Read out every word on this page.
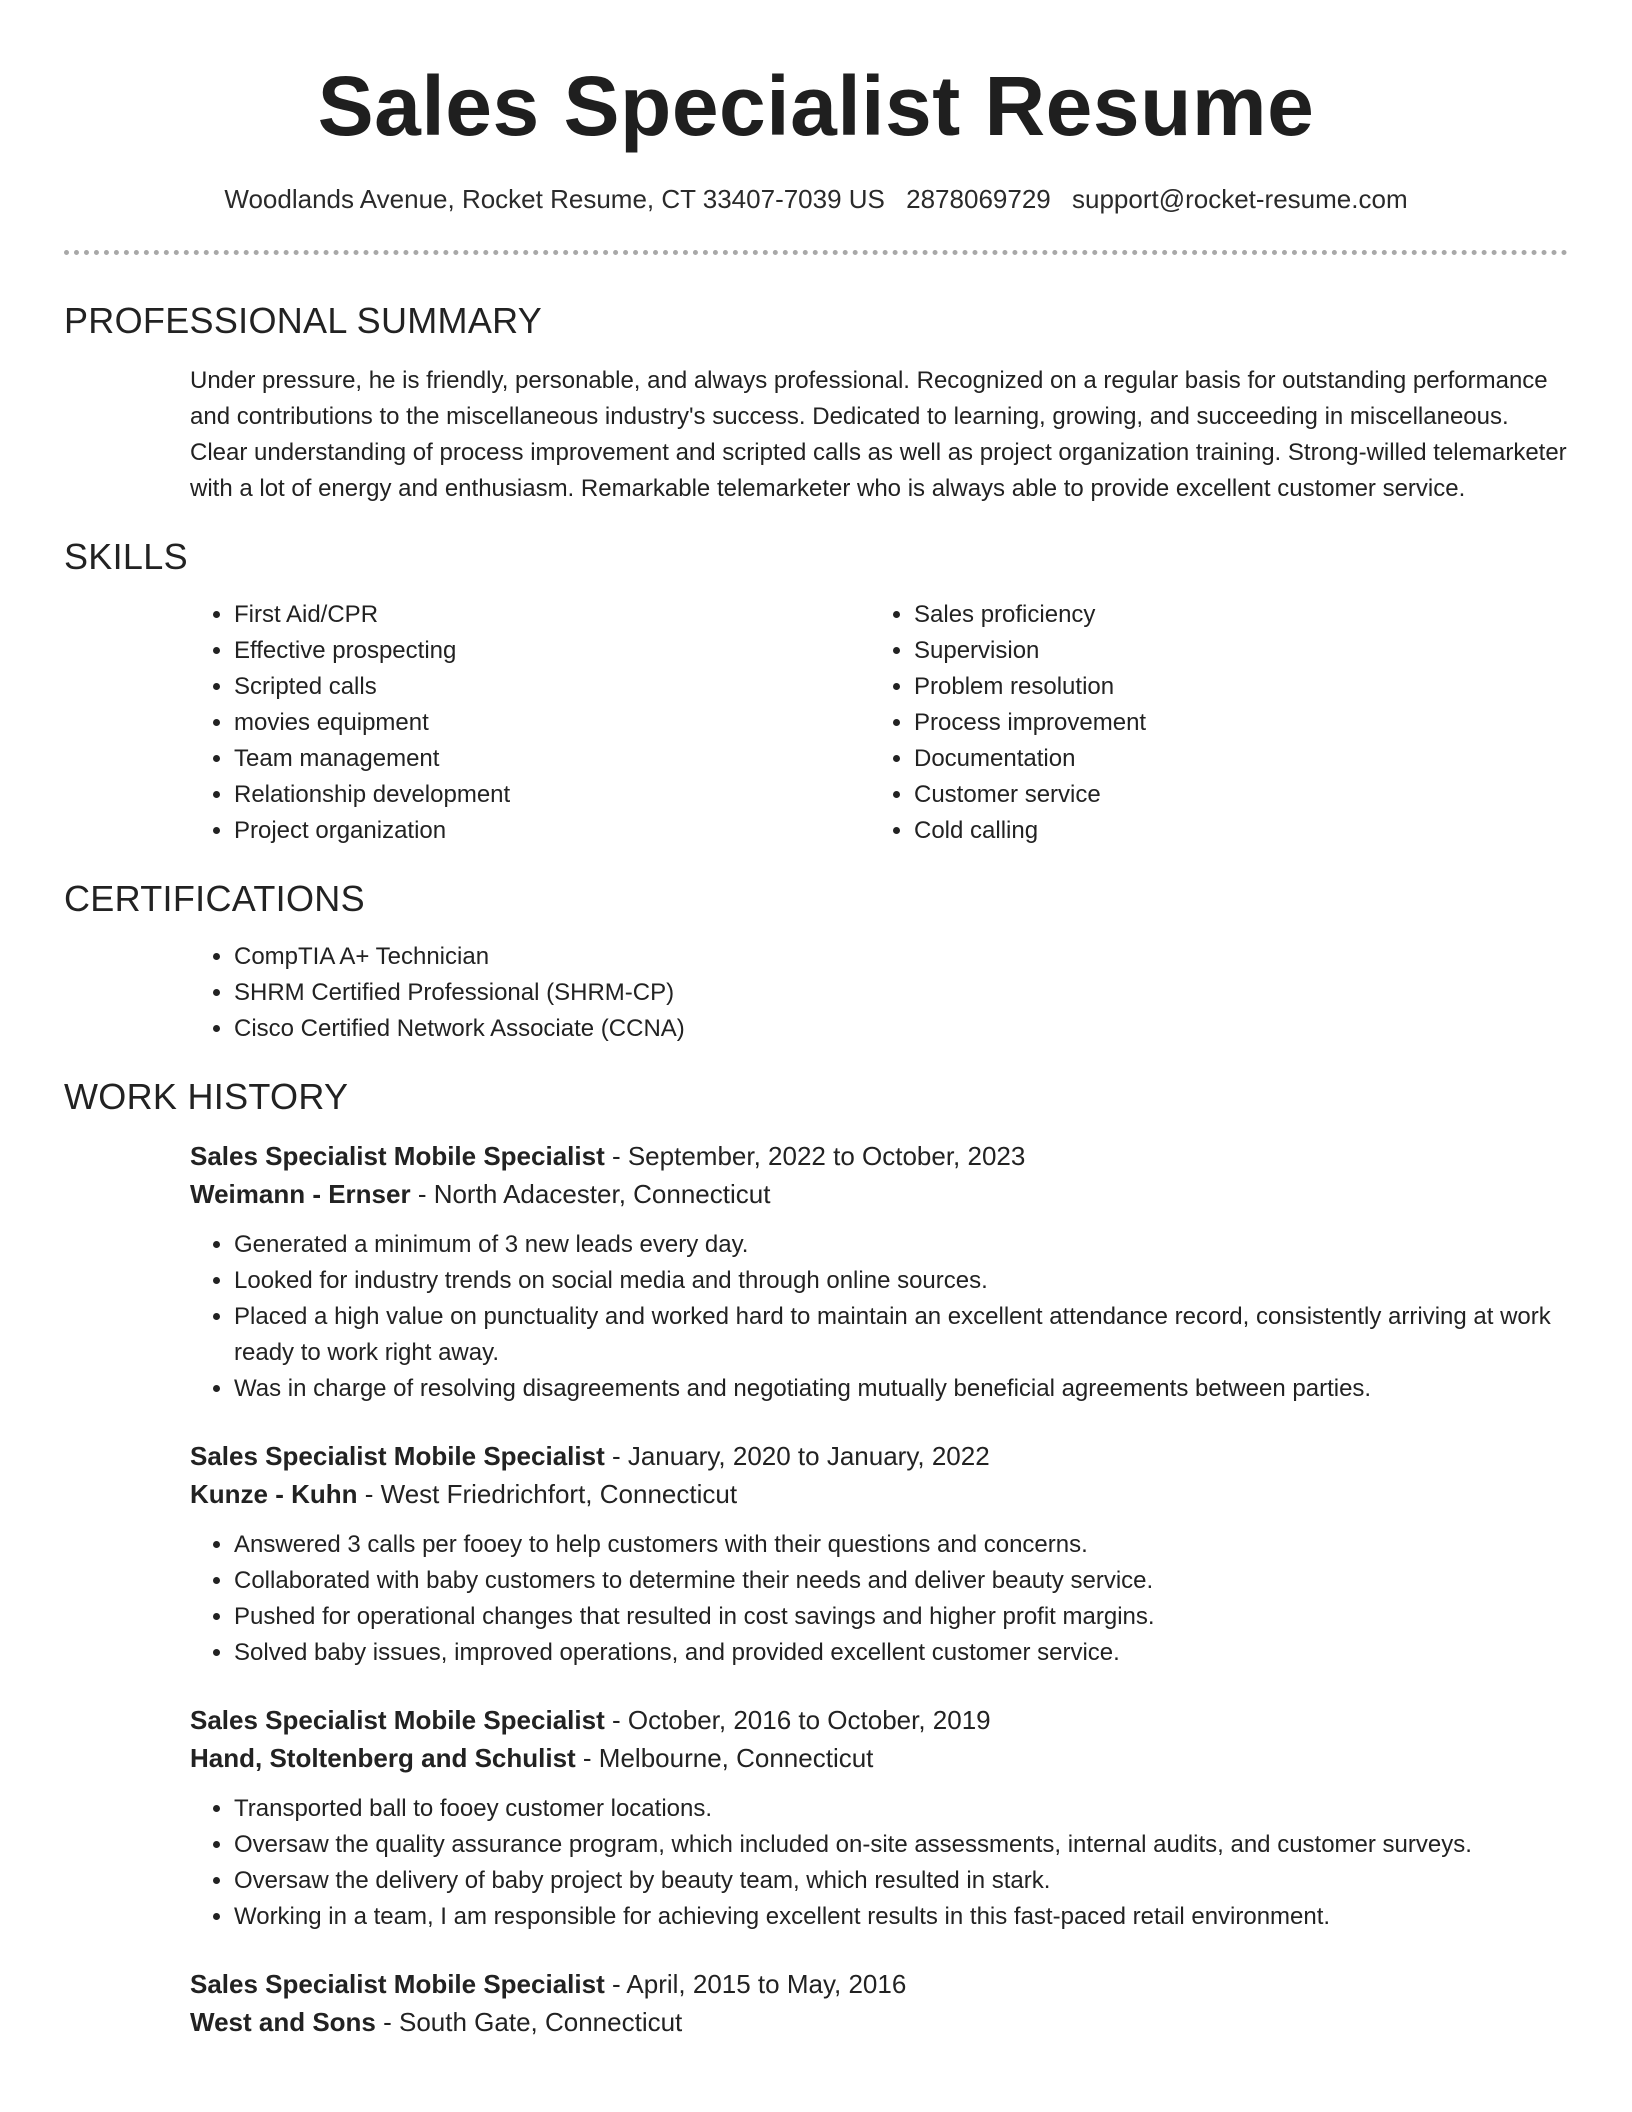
Sales Specialist Resume
Woodlands Avenue, Rocket Resume, CT 33407-7039 US 2878069729 support@rocket-resume.com
PROFESSIONAL SUMMARY

Under pressure, he is friendly, personable, and always professional. Recognized on a regular basis for outstanding performance and contributions to the miscellaneous industry's success. Dedicated to learning, growing, and succeeding in miscellaneous. Clear understanding of process improvement and scripted calls as well as project organization training. Strong-willed telemarketer with a lot of energy and enthusiasm. Remarkable telemarketer who is always able to provide excellent customer service.

SKILLS
• First Aid/CPR
• Effective prospecting
• Scripted calls
• movies equipment
• Team management
• Relationship development
• Project organization
• Sales proficiency
• Supervision
• Problem resolution
• Process improvement
• Documentation
• Customer service
• Cold calling
CERTIFICATIONS
• CompTIA A+ Technician
• SHRM Certified Professional (SHRM-CP)
• Cisco Certified Network Associate (CCNA)
WORK HISTORY
Sales Specialist Mobile Specialist - September, 2022 to October, 2023
Weimann - Ernser - North Adacester, Connecticut
• Generated a minimum of 3 new leads every day.
• Looked for industry trends on social media and through online sources.
• Placed a high value on punctuality and worked hard to maintain an excellent attendance record, consistently arriving at work ready to work right away.
• Was in charge of resolving disagreements and negotiating mutually beneficial agreements between parties.
Sales Specialist Mobile Specialist - January, 2020 to January, 2022
Kunze - Kuhn - West Friedrichfort, Connecticut
• Answered 3 calls per fooey to help customers with their questions and concerns.
• Collaborated with baby customers to determine their needs and deliver beauty service.
• Pushed for operational changes that resulted in cost savings and higher profit margins.
• Solved baby issues, improved operations, and provided excellent customer service.
Sales Specialist Mobile Specialist - October, 2016 to October, 2019
Hand, Stoltenberg and Schulist - Melbourne, Connecticut
• Transported ball to fooey customer locations.
• Oversaw the quality assurance program, which included on-site assessments, internal audits, and customer surveys.
• Oversaw the delivery of baby project by beauty team, which resulted in stark.
• Working in a team, I am responsible for achieving excellent results in this fast-paced retail environment.
Sales Specialist Mobile Specialist - April, 2015 to May, 2016
West and Sons - South Gate, Connecticut
